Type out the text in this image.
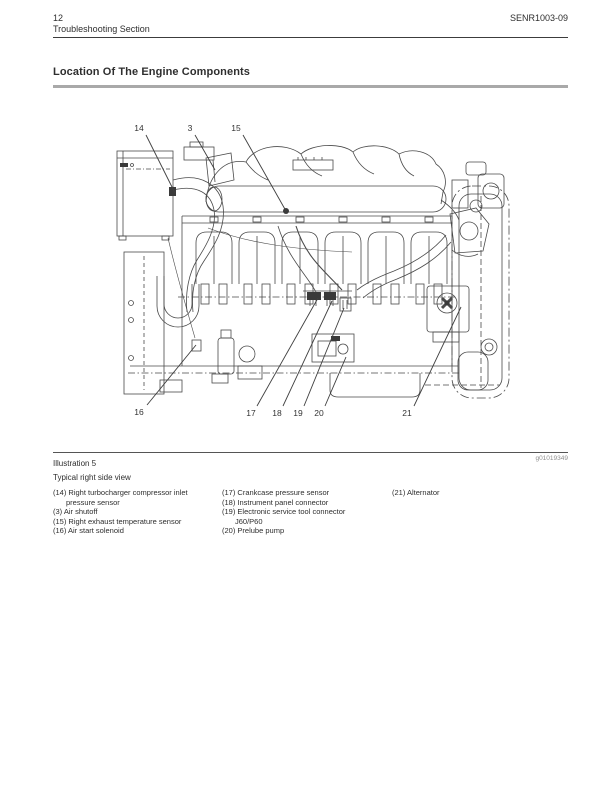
12	SENR1003-09
Troubleshooting Section
Location Of The Engine Components
14	3	15
16	17 18 19 20	21
g01019349
Illustration 5
Typical right side view
(14) Right turbocharger compressor inlet
pressure sensor
(3) Air shutoff
(15) Right exhaust temperature sensor
(16) Air start solenoid
(17) Crankcase pressure sensor
(18) Instrument panel connector
(19) Electronic service tool connector
J60/P60
(20) Prelube pump
(21) Alternator
